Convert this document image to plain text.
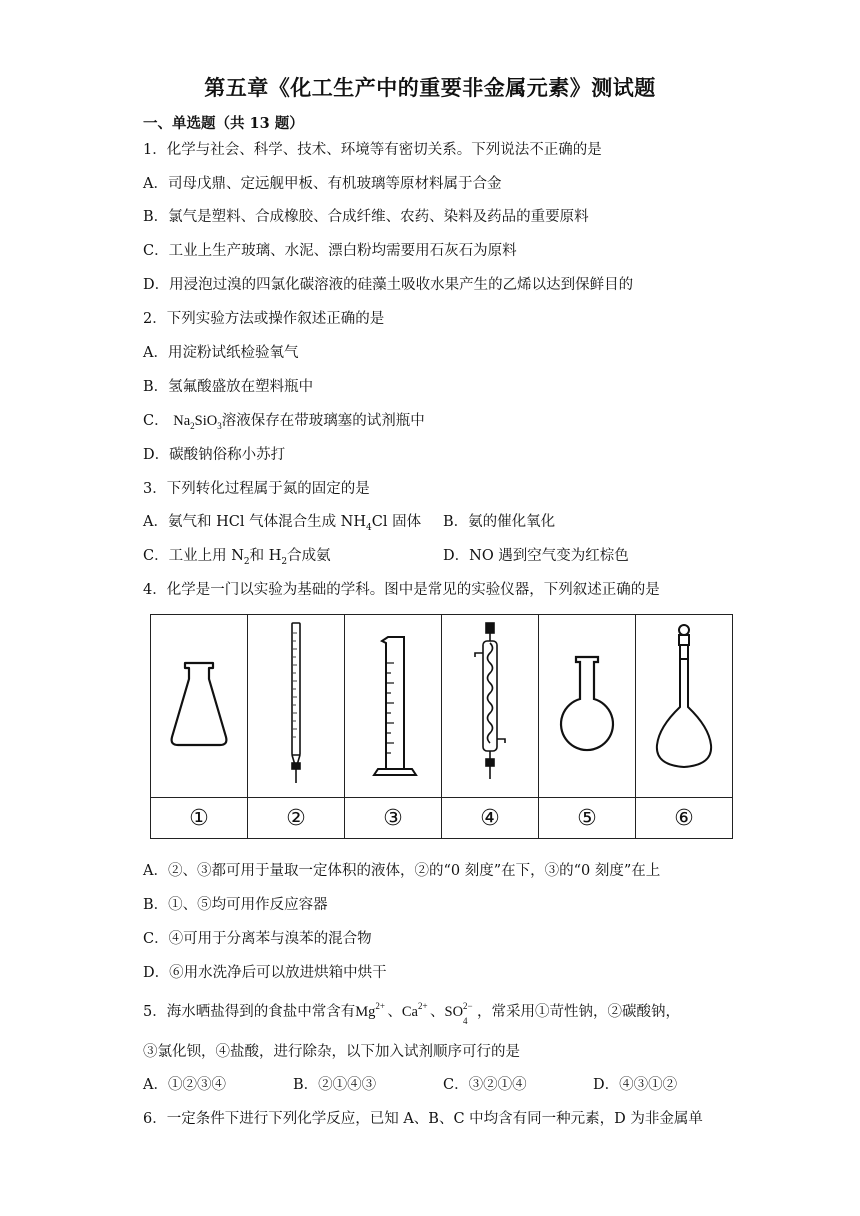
第五章《化工生产中的重要非金属元素》测试题
一、单选题（共 13 题）
1．化学与社会、科学、技术、环境等有密切关系。下列说法不正确的是
A．司母戊鼎、定远舰甲板、有机玻璃等原材料属于合金
B．氯气是塑料、合成橡胶、合成纤维、农药、染料及药品的重要原料
C．工业上生产玻璃、水泥、漂白粉均需要用石灰石为原料
D．用浸泡过溴的四氯化碳溶液的硅藻土吸收水果产生的乙烯以达到保鲜目的
2．下列实验方法或操作叙述正确的是
A．用淀粉试纸检验氧气
B．氢氟酸盛放在塑料瓶中
C． $Na_2SiO_3$溶液保存在带玻璃塞的试剂瓶中
D．碳酸钠俗称小苏打
3．下列转化过程属于氮的固定的是
A．氨气和 HCl 气体混合生成 $NH_4Cl$ 固体 B．氨的催化氧化
C．工业上用 $N_2$和 $H_2$合成氨	D．NO 遇到空气变为红棕色
4．化学是一门以实验为基础的学科。图中是常见的实验仪器，下列叙述正确的是

①	②	③	④	⑤	⑥
A．②、③都可用于量取一定体积的液体，②的“0 刻度”在下，③的“0 刻度”在上
B．①、⑤均可用作反应容器
C．④可用于分离苯与溴苯的混合物
D．⑥用水洗净后可以放进烘箱中烘干
5．海水晒盐得到的食盐中常含有Mg 2+ 、Ca 2+ 、SO 2−
4
，常采用①苛性钠，②碳酸钠，
③氯化钡，④盐酸，进行除杂，以下加入试剂顺序可行的是
A．①②③④	B．②①④③	C．③②①④	D．④③①②
6．一定条件下进行下列化学反应，已知 A、B、C 中均含有同一种元素，D 为非金属单
